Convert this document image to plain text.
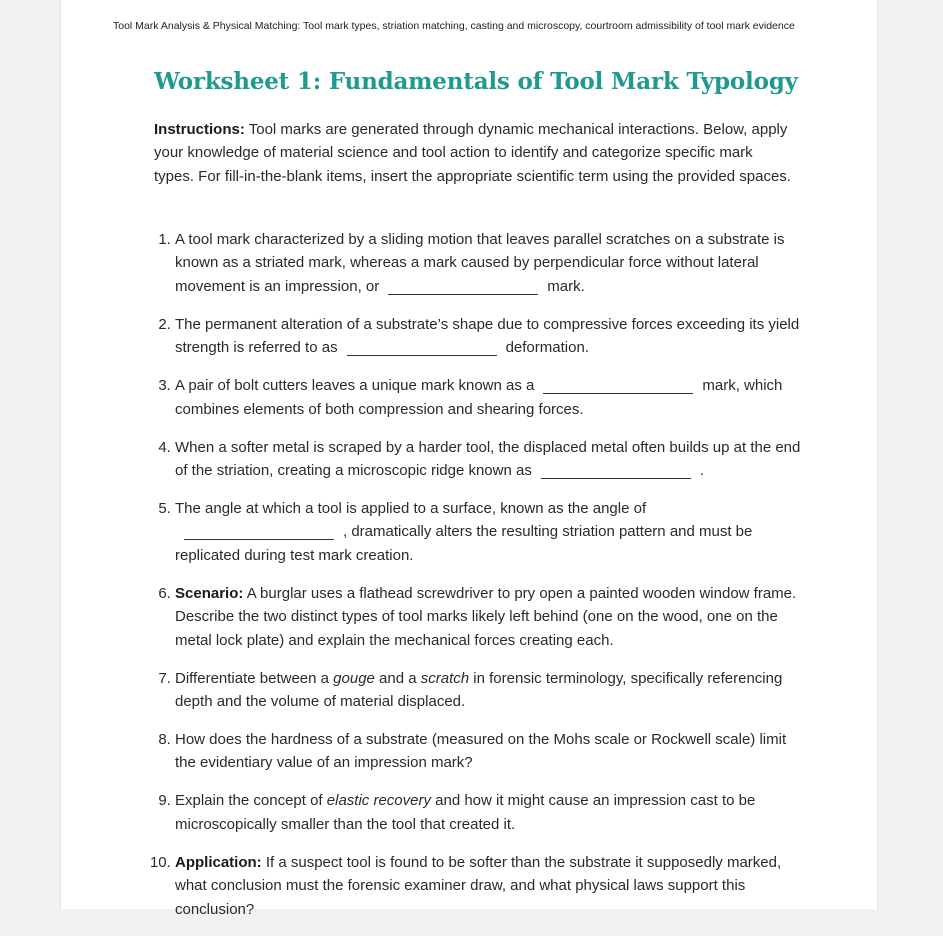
Tool Mark Analysis & Physical Matching: Tool mark types, striation matching, casting and microscopy, courtroom admissibility of tool mark evidence
Worksheet 1: Fundamentals of Tool Mark Typology

Instructions: Tool marks are generated through dynamic mechanical interactions. Below, apply your knowledge of material science and tool action to identify and categorize specific mark types. For fill-in-the-blank items, insert the appropriate scientific term using the provided spaces.

1. A tool mark characterized by a sliding motion that leaves parallel scratches on a substrate is known as a striated mark, whereas a mark caused by perpendicular force without lateral movement is an impression, or	mark.
2. The permanent alteration of a substrate’s shape due to compressive forces exceeding its yield strength is referred to as	deformation.
3. A pair of bolt cutters leaves a unique mark known as a	mark, which combines elements of both compression and shearing forces.
4. When a softer metal is scraped by a harder tool, the displaced metal often builds up at the end of the striation, creating a microscopic ridge known as	.
5. The angle at which a tool is applied to a surface, known as the angle of, dramatically alters the resulting striation pattern and must be replicated during test mark creation.
6. Scenario: A burglar uses a flathead screwdriver to pry open a painted wooden window frame. Describe the two distinct types of tool marks likely left behind (one on the wood, one on the metal lock plate) and explain the mechanical forces creating each.
7. Differentiate between a gouge and a scratch in forensic terminology, specifically referencing depth and the volume of material displaced.
8. How does the hardness of a substrate (measured on the Mohs scale or Rockwell scale) limit the evidentiary value of an impression mark?
9. Explain the concept of elastic recovery and how it might cause an impression cast to be microscopically smaller than the tool that created it.
10. Application: If a suspect tool is found to be softer than the substrate it supposedly marked, what conclusion must the forensic examiner draw, and what physical laws support this conclusion?
